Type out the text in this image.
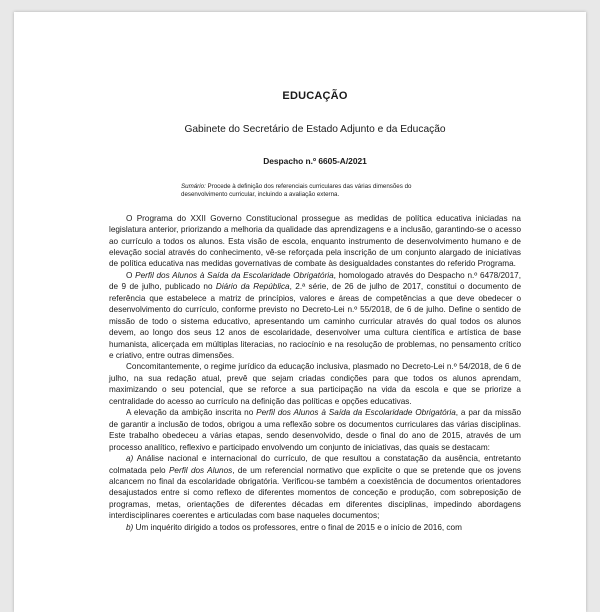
EDUCAÇÃO
Gabinete do Secretário de Estado Adjunto e da Educação
Despacho n.º 6605-A/2021
Sumário: Procede à definição dos referenciais curriculares das várias dimensões do desenvolvimento curricular, incluindo a avaliação externa.

O Programa do XXII Governo Constitucional prossegue as medidas de política educativa iniciadas na legislatura anterior, priorizando a melhoria da qualidade das aprendizagens e a inclusão, garantindo-se o acesso ao currículo a todos os alunos. Esta visão de escola, enquanto instrumento de desenvolvimento humano e de elevação social através do conhecimento, vê-se reforçada pela inscrição de um conjunto alargado de iniciativas de política educativa nas medidas governativas de combate às desigualdades constantes do referido Programa.

O Perfil dos Alunos à Saída da Escolaridade Obrigatória, homologado através do Despacho n.º 6478/2017, de 9 de julho, publicado no Diário da República, 2.ª série, de 26 de julho de 2017, constitui o documento de referência que estabelece a matriz de princípios, valores e áreas de competências a que deve obedecer o desenvolvimento do currículo, conforme previsto no Decreto-Lei n.º 55/2018, de 6 de julho. Define o sentido de missão de todo o sistema educativo, apresentando um caminho curricular através do qual todos os alunos devem, ao longo dos seus 12 anos de escolaridade, desenvolver uma cultura científica e artística de base humanista, alicerçada em múltiplas literacias, no raciocínio e na resolução de problemas, no pensamento crítico e criativo, entre outras dimensões.

Concomitantemente, o regime jurídico da educação inclusiva, plasmado no Decreto-Lei n.º 54/2018, de 6 de julho, na sua redação atual, prevê que sejam criadas condições para que todos os alunos aprendam, maximizando o seu potencial, que se reforce a sua participação na vida da escola e que se priorize a centralidade do acesso ao currículo na definição das políticas e opções educativas.

A elevação da ambição inscrita no Perfil dos Alunos à Saída da Escolaridade Obrigatória, a par da missão de garantir a inclusão de todos, obrigou a uma reflexão sobre os documentos curriculares das várias disciplinas. Este trabalho obedeceu a várias etapas, sendo desenvolvido, desde o final do ano de 2015, através de um processo analítico, reflexivo e participado envolvendo um conjunto de iniciativas, das quais se destacam:

a) Análise nacional e internacional do currículo, de que resultou a constatação da ausência, entretanto colmatada pelo Perfil dos Alunos, de um referencial normativo que explicite o que se pretende que os jovens alcancem no final da escolaridade obrigatória. Verificou-se também a coexistência de documentos orientadores desajustados entre si como reflexo de diferentes momentos de conceção e produção, com sobreposição de programas, metas, orientações de diferentes décadas em diferentes disciplinas, impedindo abordagens interdisciplinares coerentes e articuladas com base naqueles documentos;

b) Um inquérito dirigido a todos os professores, entre o final de 2015 e o início de 2016, com
